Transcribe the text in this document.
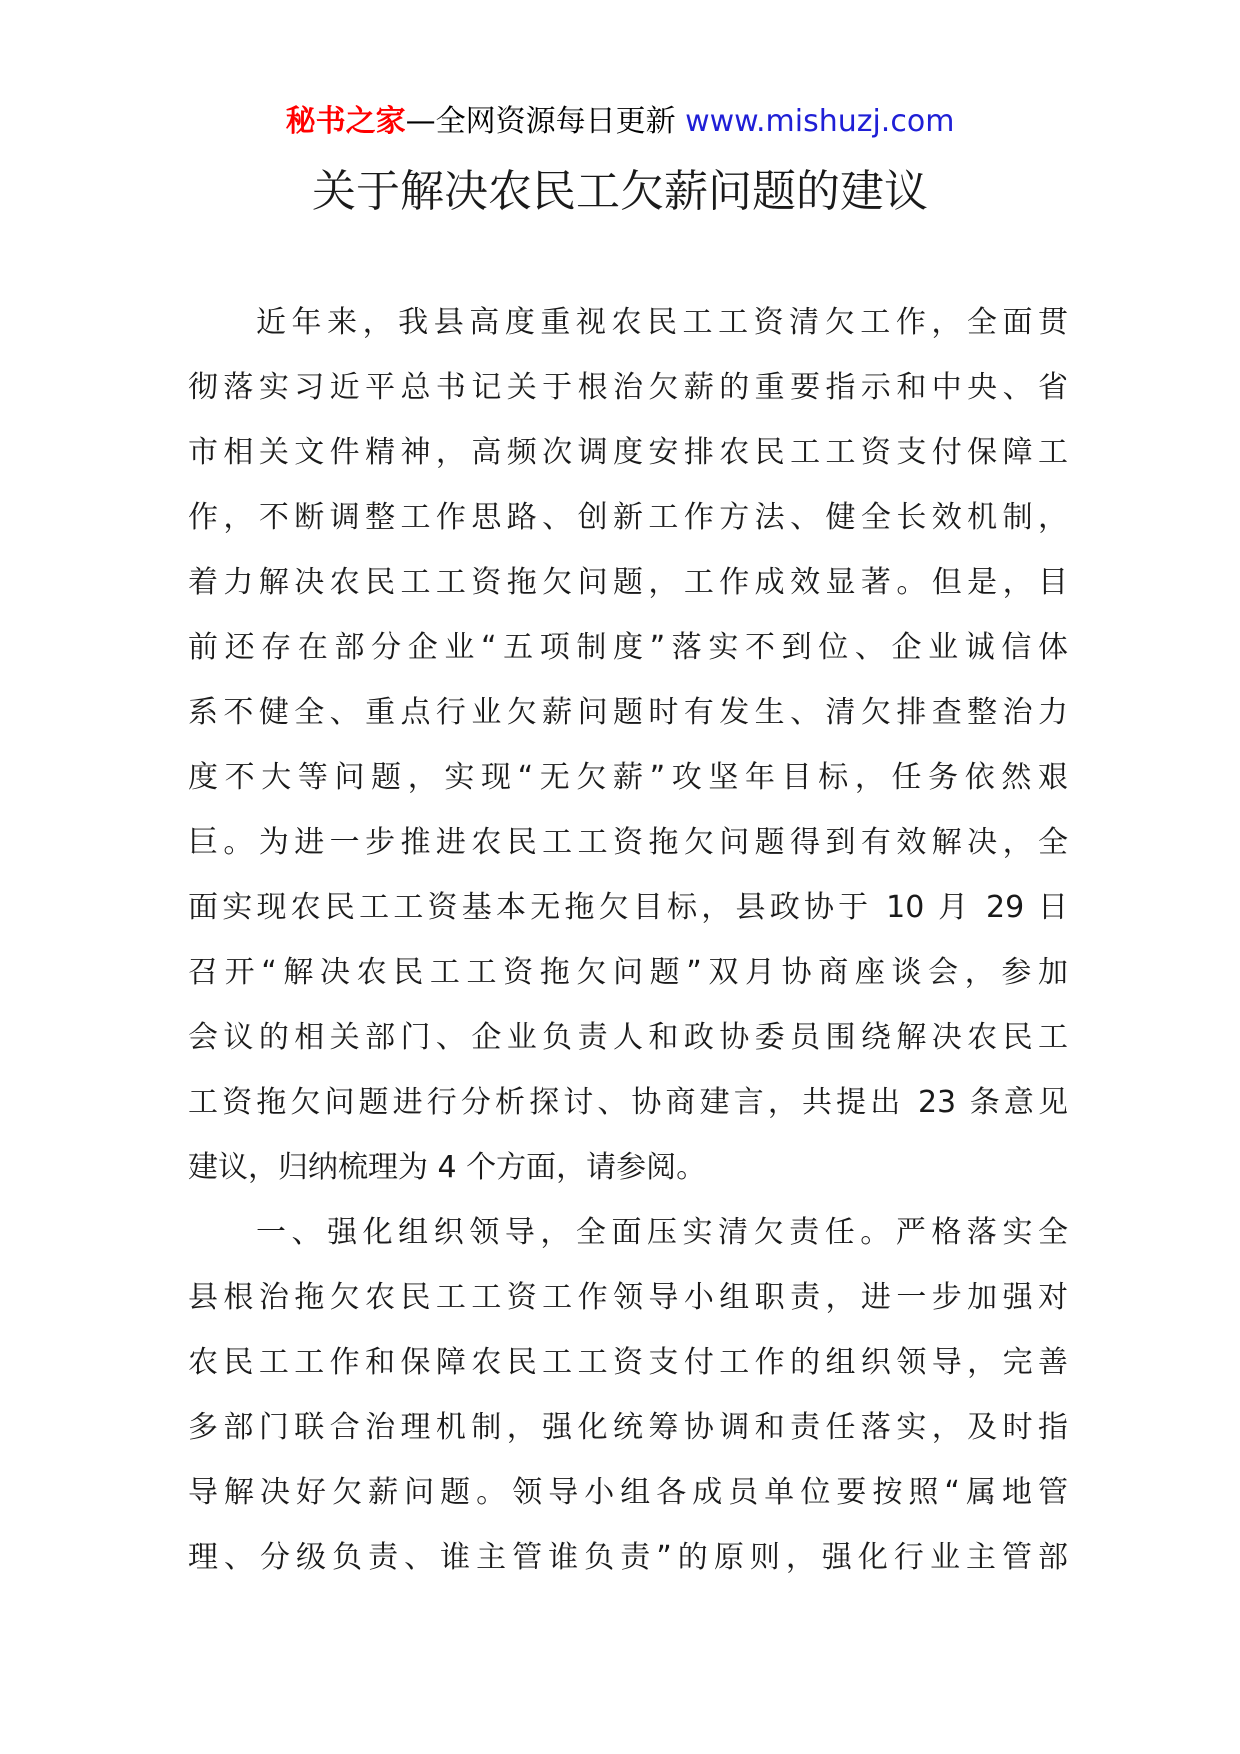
秘书之家—全网资源每日更新 www.mishuzj.com
关于解决农民工欠薪问题的建议
近年来，我县高度重视农民工工资清欠工作，全面贯
彻落实习近平总书记关于根治欠薪的重要指示和中央、省
市相关文件精神，高频次调度安排农民工工资支付保障工
作，不断调整工作思路、创新工作方法、健全长效机制，
着力解决农民工工资拖欠问题，工作成效显著。但是，目
前还存在部分企业“五项制度”落实不到位、企业诚信体
系不健全、重点行业欠薪问题时有发生、清欠排查整治力
度不大等问题，实现“无欠薪”攻坚年目标，任务依然艰
巨。为进一步推进农民工工资拖欠问题得到有效解决，全
面实现农民工工资基本无拖欠目标，县政协于 10 月 29 日
召开“解决农民工工资拖欠问题”双月协商座谈会，参加
会议的相关部门、企业负责人和政协委员围绕解决农民工
工资拖欠问题进行分析探讨、协商建言，共提出 23 条意见
建议，归纳梳理为 4 个方面，请参阅。
一、强化组织领导，全面压实清欠责任。严格落实全
县根治拖欠农民工工资工作领导小组职责，进一步加强对
农民工工作和保障农民工工资支付工作的组织领导，完善
多部门联合治理机制，强化统筹协调和责任落实，及时指
导解决好欠薪问题。领导小组各成员单位要按照“属地管
理、分级负责、谁主管谁负责”的原则，强化行业主管部
